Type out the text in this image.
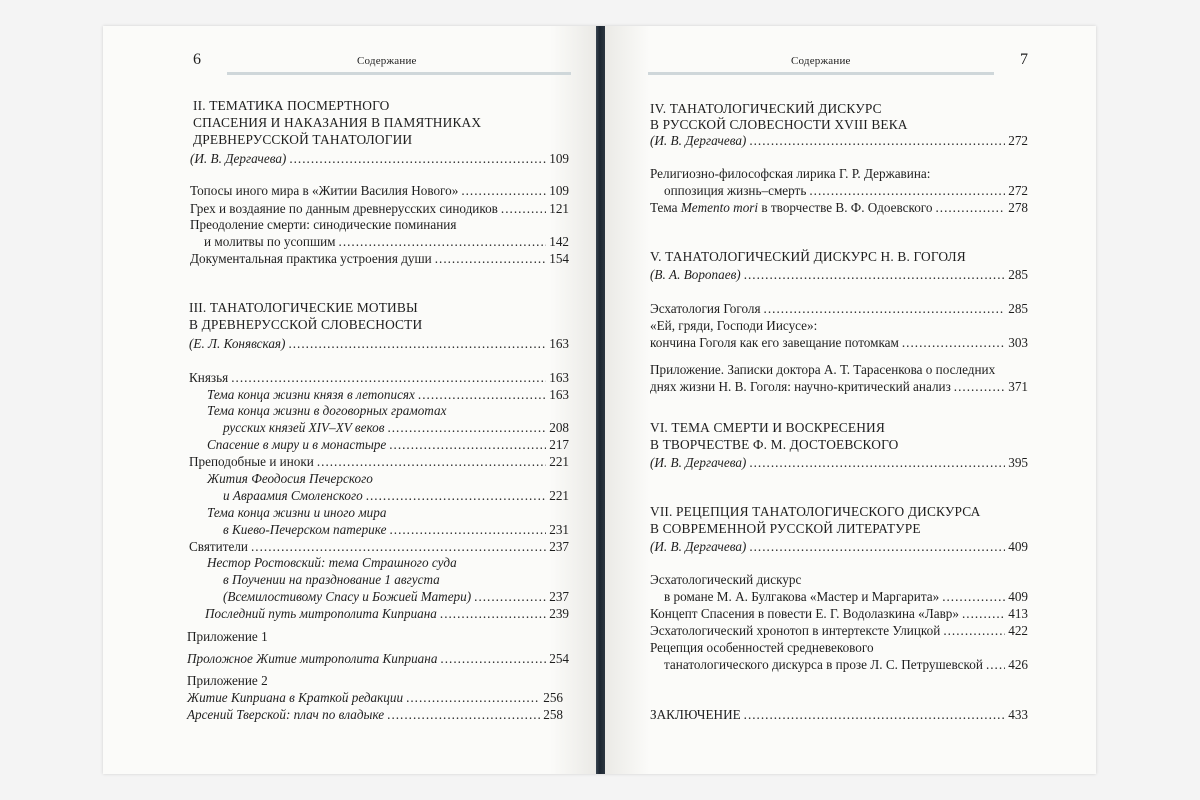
6	Содержание
II. ТЕМАТИКА ПОСМЕРТНОГО
СПАСЕНИЯ И НАКАЗАНИЯ В ПАМЯТНИКАХ
ДРЕВНЕРУССКОЙ ТАНАТОЛОГИИ
(И. В. Дергачева) .....	109
Топосы иного мира в «Житии Василия Нового» .....	109
Грех и воздаяние по данным древнерусских синодиков .....	121
Преодоление смерти: синодические поминания
и молитвы по усопшим .....	142
Документальная практика устроения души .....	154
III. ТАНАТОЛОГИЧЕСКИЕ МОТИВЫ
В ДРЕВНЕРУССКОЙ СЛОВЕСНОСТИ
(Е. Л. Конявская) .....	163
Князья .....	163
Тема конца жизни князя в летописях .....	163
Тема конца жизни в договорных грамотах
русских князей XIV–XV веков .....	208
Спасение в миру и в монастыре .....	217
Преподобные и иноки .....	221
Жития Феодосия Печерского
и Авраамия Смоленского .....	221
Тема конца жизни и иного мира
в Киево-Печерском патерике .....	231
Святители .....	237
Нестор Ростовский: тема Страшного суда
в Поучении на празднование 1 августа
(Всемилостивому Спасу и Божией Матери) .....	237
Последний путь митрополита Киприана .....	239
Приложение 1
Проложное Житие митрополита Киприана .....	254
Приложение 2
Житие Киприана в Краткой редакции .....	256
Арсений Тверской: плач по владыке .....	258
Содержание	7
IV. ТАНАТОЛОГИЧЕСКИЙ ДИСКУРС
В РУССКОЙ СЛОВЕСНОСТИ XVIII ВЕКА
(И. В. Дергачева) .....	272
Религиозно-философская лирика Г. Р. Державина:
оппозиция жизнь–смерть .....	272
Тема Memento mori в творчестве В. Ф. Одоевского .....	278
V. ТАНАТОЛОГИЧЕСКИЙ ДИСКУРС Н. В. ГОГОЛЯ
(В. А. Воропаев) .....	285
Эсхатология Гоголя .....	285
«Ей, гряди, Господи Иисусе»:
кончина Гоголя как его завещание потомкам .....	303
Приложение. Записки доктора А. Т. Тарасенкова о последних
днях жизни Н. В. Гоголя: научно-критический анализ .....	371
VI. ТЕМА СМЕРТИ И ВОСКРЕСЕНИЯ
В ТВОРЧЕСТВЕ Ф. М. ДОСТОЕВСКОГО
(И. В. Дергачева) .....	395
VII. РЕЦЕПЦИЯ ТАНАТОЛОГИЧЕСКОГО ДИСКУРСА
В СОВРЕМЕННОЙ РУССКОЙ ЛИТЕРАТУРЕ
(И. В. Дергачева) .....	409
Эсхатологический дискурс
в романе М. А. Булгакова «Мастер и Маргарита» .....	409
Концепт Спасения в повести Е. Г. Водолазкина «Лавр» .....	413
Эсхатологический хронотоп в интертексте Улицкой .....	422
Рецепция особенностей средневекового
танатологического дискурса в прозе Л. С. Петрушевской ..... 426
ЗАКЛЮЧЕНИЕ .....	433
